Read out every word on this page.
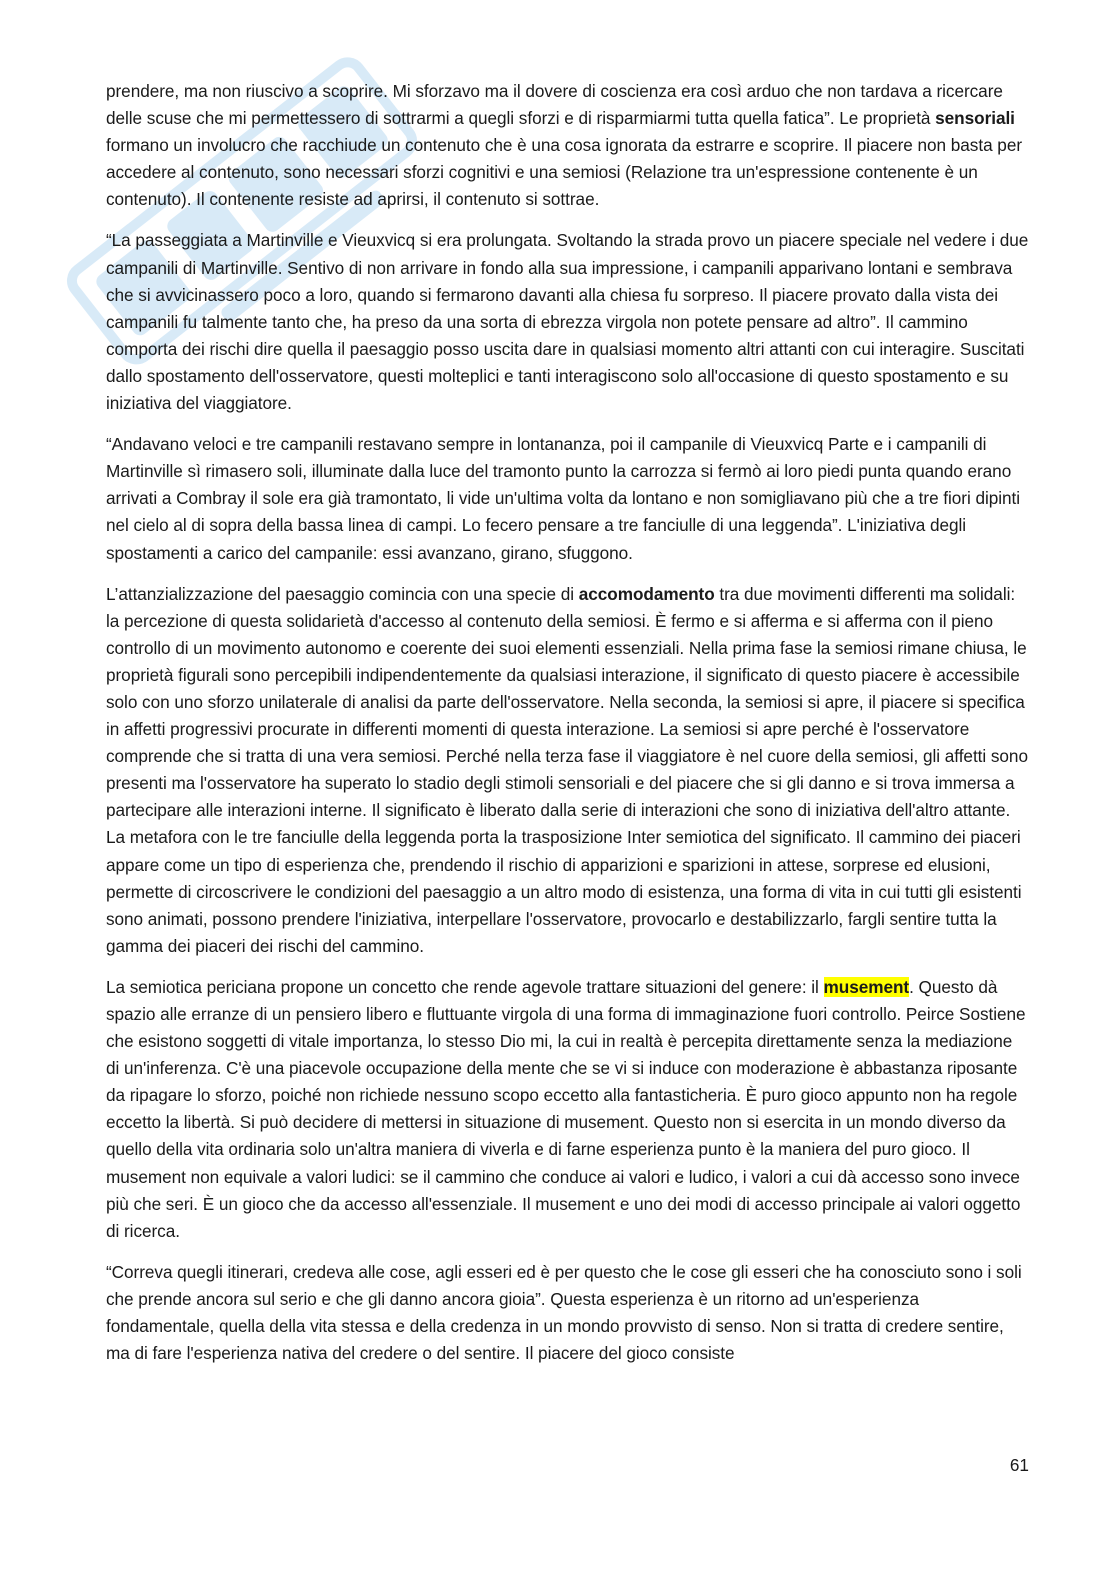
prendere, ma non riuscivo a scoprire. Mi sforzavo ma il dovere di coscienza era così arduo che non tardava a ricercare delle scuse che mi permettessero di sottrarmi a quegli sforzi e di risparmiarmi tutta quella fatica”. Le proprietà sensoriali formano un involucro che racchiude un contenuto che è una cosa ignorata da estrarre e scoprire. Il piacere non basta per accedere al contenuto, sono necessari sforzi cognitivi e una semiosi (Relazione tra un'espressione contenente è un contenuto). Il contenente resiste ad aprirsi, il contenuto si sottrae.

“La passeggiata a Martinville e Vieuxvicq si era prolungata. Svoltando la strada provo un piacere speciale nel vedere i due campanili di Martinville. Sentivo di non arrivare in fondo alla sua impressione, i campanili apparivano lontani e sembrava che si avvicinassero poco a loro, quando si fermarono davanti alla chiesa fu sorpreso. Il piacere provato dalla vista dei campanili fu talmente tanto che, ha preso da una sorta di ebrezza virgola non potete pensare ad altro”. Il cammino comporta dei rischi dire quella il paesaggio posso uscita dare in qualsiasi momento altri attanti con cui interagire. Suscitati dallo spostamento dell'osservatore, questi molteplici e tanti interagiscono solo all'occasione di questo spostamento e su iniziativa del viaggiatore.

“Andavano veloci e tre campanili restavano sempre in lontananza, poi il campanile di Vieuxvicq Parte e i campanili di Martinville sì rimasero soli, illuminate dalla luce del tramonto punto la carrozza si fermò ai loro piedi punta quando erano arrivati a Combray il sole era già tramontato, li vide un'ultima volta da lontano e non somigliavano più che a tre fiori dipinti nel cielo al di sopra della bassa linea di campi. Lo fecero pensare a tre fanciulle di una leggenda”. L'iniziativa degli spostamenti a carico del campanile: essi avanzano, girano, sfuggono.

L’attanzializzazione del paesaggio comincia con una specie di accomodamento tra due movimenti differenti ma solidali: la percezione di questa solidarietà d'accesso al contenuto della semiosi. È fermo e si afferma e si afferma con il pieno controllo di un movimento autonomo e coerente dei suoi elementi essenziali. Nella prima fase la semiosi rimane chiusa, le proprietà figurali sono percepibili indipendentemente da qualsiasi interazione, il significato di questo piacere è accessibile solo con uno sforzo unilaterale di analisi da parte dell'osservatore. Nella seconda, la semiosi si apre, il piacere si specifica in affetti progressivi procurate in differenti momenti di questa interazione. La semiosi si apre perché è l'osservatore comprende che si tratta di una vera semiosi. Perché nella terza fase il viaggiatore è nel cuore della semiosi, gli affetti sono presenti ma l'osservatore ha superato lo stadio degli stimoli sensoriali e del piacere che si gli danno e si trova immersa a partecipare alle interazioni interne. Il significato è liberato dalla serie di interazioni che sono di iniziativa dell'altro attante. La metafora con le tre fanciulle della leggenda porta la trasposizione Inter semiotica del significato. Il cammino dei piaceri appare come un tipo di esperienza che, prendendo il rischio di apparizioni e sparizioni in attese, sorprese ed elusioni, permette di circoscrivere le condizioni del paesaggio a un altro modo di esistenza, una forma di vita in cui tutti gli esistenti sono animati, possono prendere l'iniziativa, interpellare l'osservatore, provocarlo e destabilizzarlo, fargli sentire tutta la gamma dei piaceri dei rischi del cammino.

La semiotica periciana propone un concetto che rende agevole trattare situazioni del genere: il musement. Questo dà spazio alle erranze di un pensiero libero e fluttuante virgola di una forma di immaginazione fuori controllo. Peirce Sostiene che esistono soggetti di vitale importanza, lo stesso Dio mi, la cui in realtà è percepita direttamente senza la mediazione di un'inferenza. C'è una piacevole occupazione della mente che se vi si induce con moderazione è abbastanza riposante da ripagare lo sforzo, poiché non richiede nessuno scopo eccetto alla fantasticheria. È puro gioco appunto non ha regole eccetto la libertà. Si può decidere di mettersi in situazione di musement. Questo non si esercita in un mondo diverso da quello della vita ordinaria solo un'altra maniera di viverla e di farne esperienza punto è la maniera del puro gioco. Il musement non equivale a valori ludici: se il cammino che conduce ai valori e ludico, i valori a cui dà accesso sono invece più che seri. È un gioco che da accesso all'essenziale. Il musement e uno dei modi di accesso principale ai valori oggetto di ricerca.

“Correva quegli itinerari, credeva alle cose, agli esseri ed è per questo che le cose gli esseri che ha conosciuto sono i soli che prende ancora sul serio e che gli danno ancora gioia”. Questa esperienza è un ritorno ad un'esperienza fondamentale, quella della vita stessa e della credenza in un mondo provvisto di senso. Non si tratta di credere sentire, ma di fare l'esperienza nativa del credere o del sentire. Il piacere del gioco consiste

61
